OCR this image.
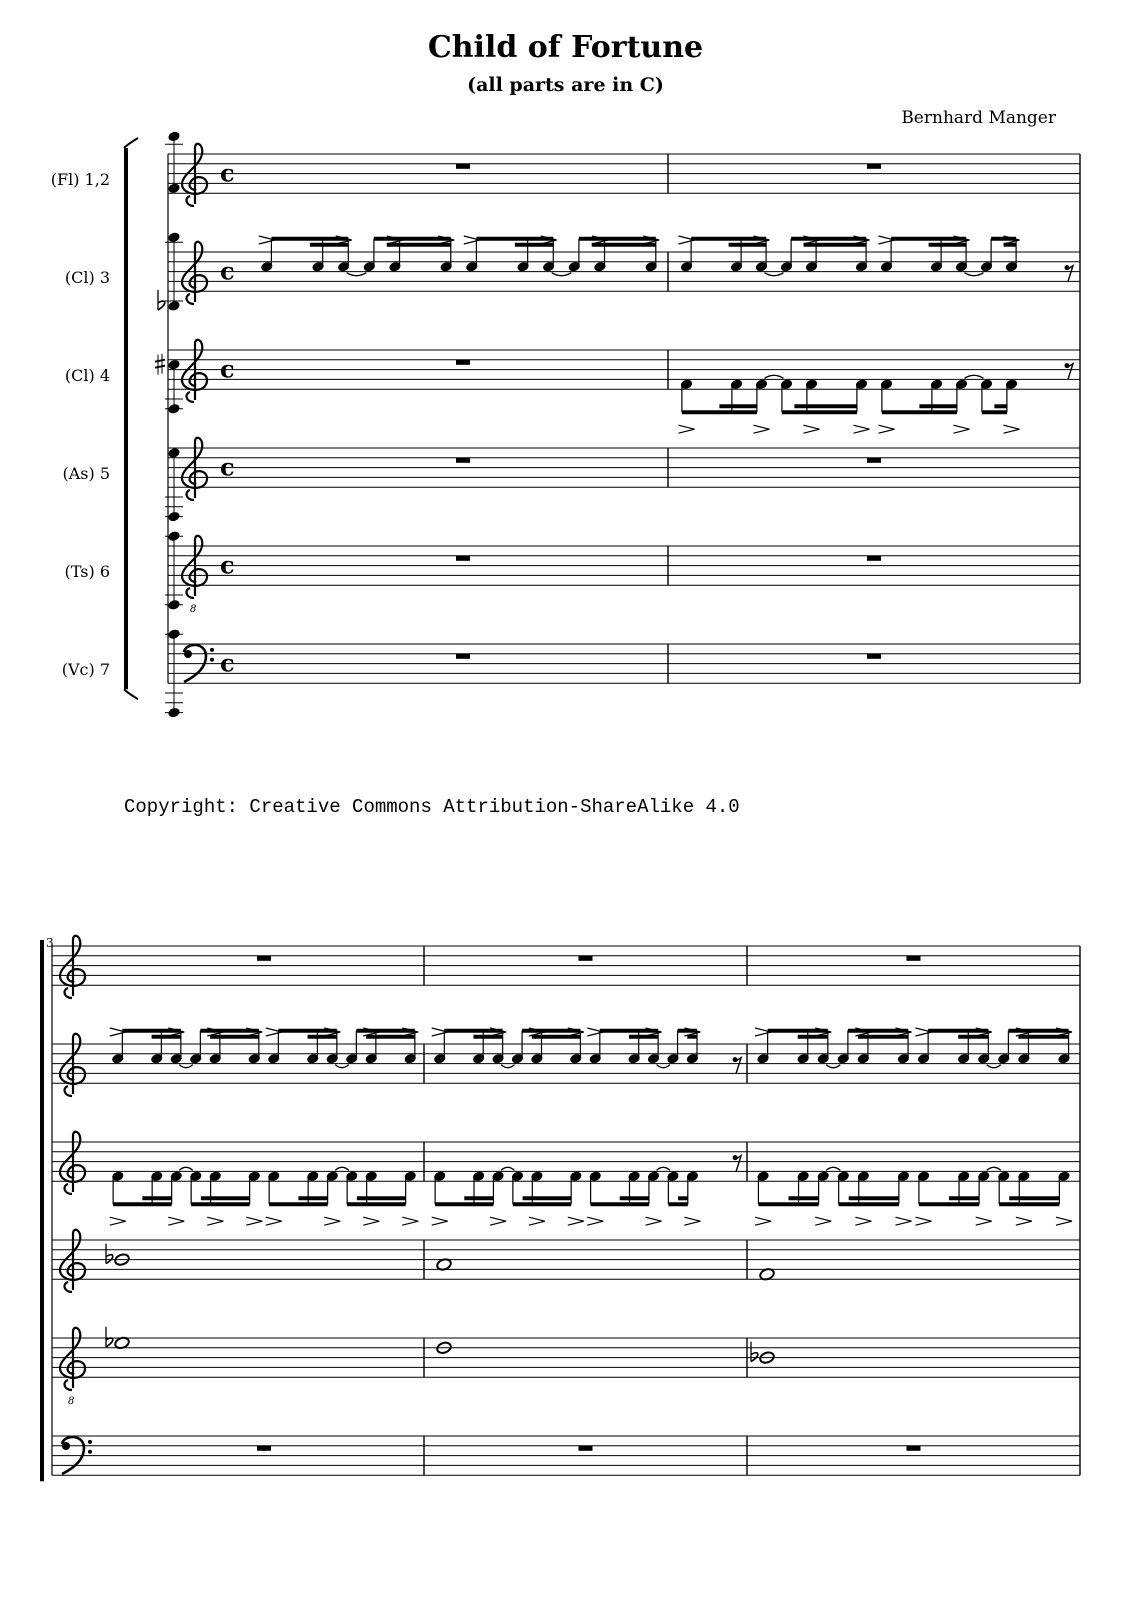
Child of Fortune
(all parts are in C)
Bernhard Manger
(Fl) 1,2
(Cl) 3
(Cl) 4
(As) 5
(Ts) 6
(Vc) 7
Copyright: Creative Commons Attribution-ShareAlike 4.0
3
c
c
c
c
c
c
8
8
